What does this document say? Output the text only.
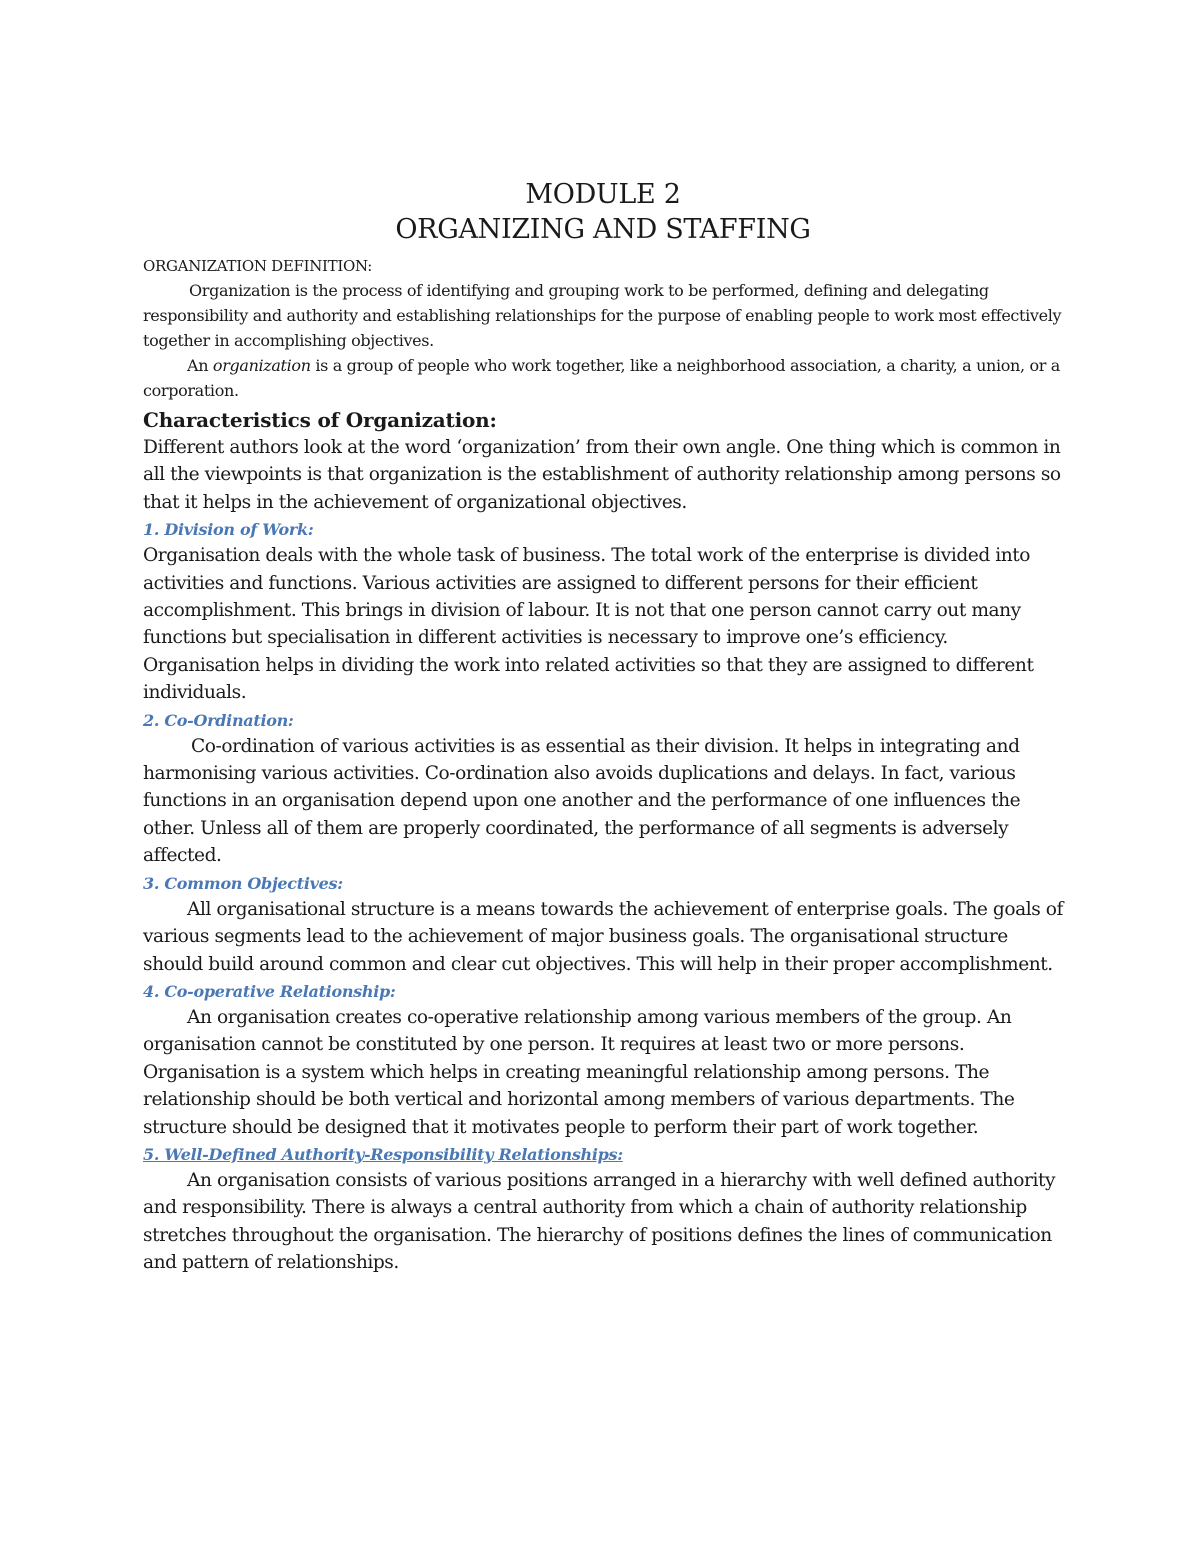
MODULE 2
ORGANIZING AND STAFFING
ORGANIZATION DEFINITION:

Organization is the process of identifying and grouping work to be performed, defining and delegating responsibility and authority and establishing relationships for the purpose of enabling people to work most effectively together in accomplishing objectives.

An organization is a group of people who work together, like a neighborhood association, a charity, a union, or a corporation.

Characteristics of Organization:

Different authors look at the word ‘organization’ from their own angle. One thing which is common in all the viewpoints is that organization is the establishment of authority relationship among persons so that it helps in the achievement of organizational objectives.

1. Division of Work:

Organisation deals with the whole task of business. The total work of the enterprise is divided into activities and functions. Various activities are assigned to different persons for their efficient accomplishment. This brings in division of labour. It is not that one person cannot carry out many functions but specialisation in different activities is necessary to improve one’s efficiency. Organisation helps in dividing the work into related activities so that they are assigned to different individuals.

2. Co-Ordination:

Co-ordination of various activities is as essential as their division. It helps in integrating and harmonising various activities. Co-ordination also avoids duplications and delays. In fact, various functions in an organisation depend upon one another and the performance of one influences the other. Unless all of them are properly coordinated, the performance of all segments is adversely affected.

3. Common Objectives:

All organisational structure is a means towards the achievement of enterprise goals. The goals of various segments lead to the achievement of major business goals. The organisational structure should build around common and clear cut objectives. This will help in their proper accomplishment.

4. Co-operative Relationship:

An organisation creates co-operative relationship among various members of the group. An organisation cannot be constituted by one person. It requires at least two or more persons. Organisation is a system which helps in creating meaningful relationship among persons. The relationship should be both vertical and horizontal among members of various departments. The structure should be designed that it motivates people to perform their part of work together.

5. Well-Defined Authority-Responsibility Relationships:

An organisation consists of various positions arranged in a hierarchy with well defined authority and responsibility. There is always a central authority from which a chain of authority relationship stretches throughout the organisation. The hierarchy of positions defines the lines of communication and pattern of relationships.
